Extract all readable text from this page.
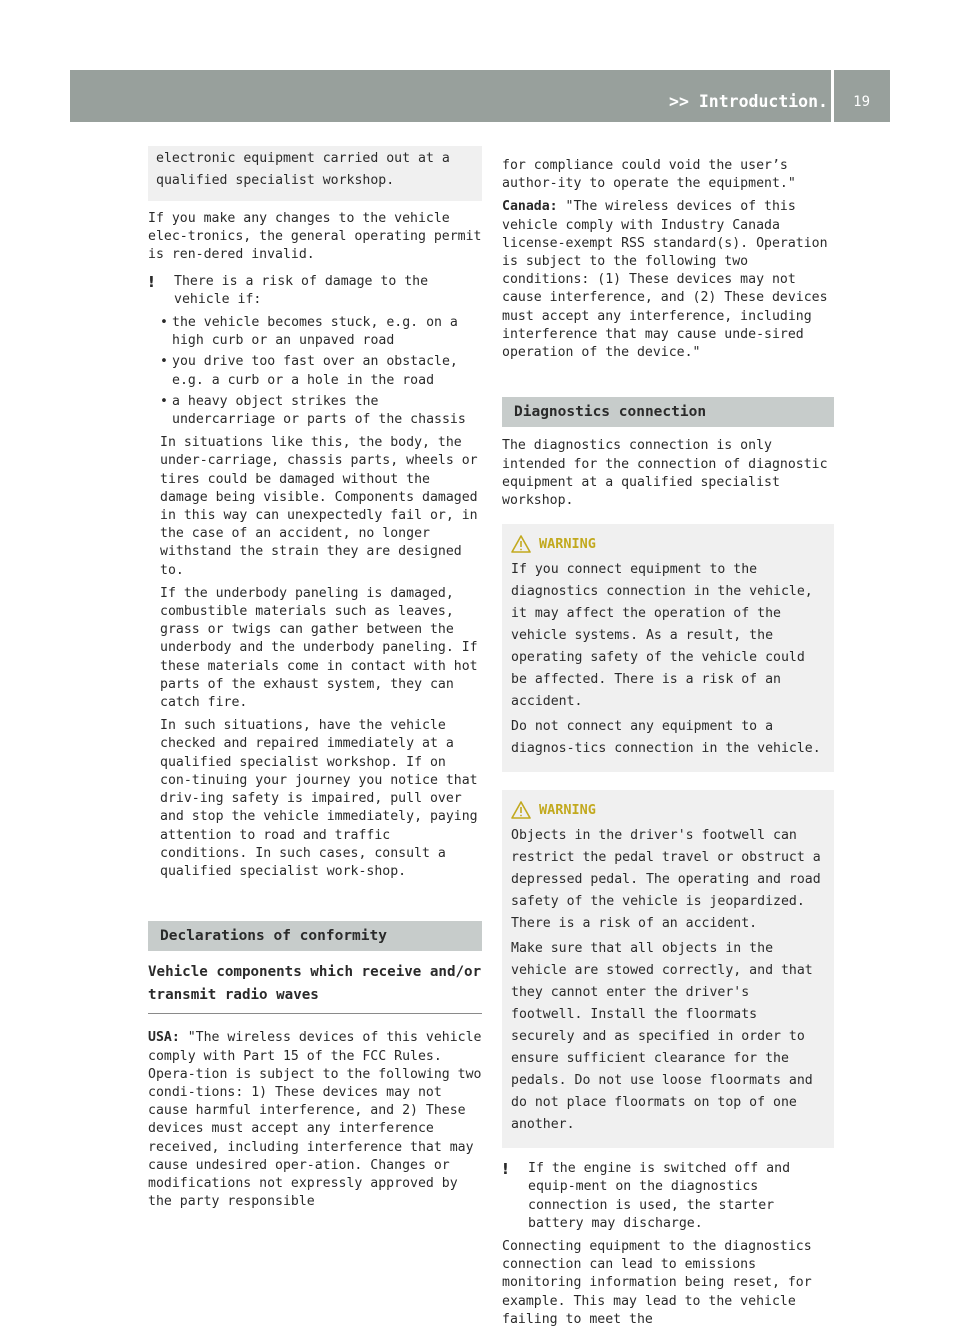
>> Introduction. 19
electronic equipment carried out at a qualified specialist workshop.

If you make any changes to the vehicle elec-tronics, the general operating permit is ren-dered invalid.

! There is a risk of damage to the vehicle if:

• the vehicle becomes stuck, e.g. on a high curb or an unpaved road
• you drive too fast over an obstacle, e.g. a curb or a hole in the road
• a heavy object strikes the undercarriage or parts of the chassis

In situations like this, the body, the under-carriage, chassis parts, wheels or tires could be damaged without the damage being visible. Components damaged in this way can unexpectedly fail or, in the case of an accident, no longer withstand the strain they are designed to.

If the underbody paneling is damaged, combustible materials such as leaves, grass or twigs can gather between the underbody and the underbody paneling. If these materials come in contact with hot parts of the exhaust system, they can catch fire.

In such situations, have the vehicle checked and repaired immediately at a qualified specialist workshop. If on con-tinuing your journey you notice that driv-ing safety is impaired, pull over and stop the vehicle immediately, paying attention to road and traffic conditions. In such cases, consult a qualified specialist work-shop.

Declarations of conformity
Vehicle components which receive and/or transmit radio waves

USA: "The wireless devices of this vehicle comply with Part 15 of the FCC Rules. Opera-tion is subject to the following two condi-tions: 1) These devices may not cause harmful interference, and 2) These devices must accept any interference received, including interference that may cause undesired oper-ation. Changes or modifications not expressly approved by the party responsible

for compliance could void the user’s author-ity to operate the equipment."

Canada: "The wireless devices of this vehicle comply with Industry Canada license-exempt RSS standard(s). Operation is subject to the following two conditions: (1) These devices may not cause interference, and (2) These devices must accept any interference, including interference that may cause unde-sired operation of the device."

Diagnostics connection

The diagnostics connection is only intended for the connection of diagnostic equipment at a qualified specialist workshop.

WARNING

If you connect equipment to the diagnostics connection in the vehicle, it may affect the operation of the vehicle systems. As a result, the operating safety of the vehicle could be affected. There is a risk of an accident.

Do not connect any equipment to a diagnos-tics connection in the vehicle.

WARNING

Objects in the driver's footwell can restrict the pedal travel or obstruct a depressed pedal. The operating and road safety of the vehicle is jeopardized. There is a risk of an accident.

Make sure that all objects in the vehicle are stowed correctly, and that they cannot enter the driver's footwell. Install the floormats securely and as specified in order to ensure sufficient clearance for the pedals. Do not use loose floormats and do not place floormats on top of one another.

! If the engine is switched off and equip-ment on the diagnostics connection is used, the starter battery may discharge.

Connecting equipment to the diagnostics connection can lead to emissions monitoring information being reset, for example. This may lead to the vehicle failing to meet the
